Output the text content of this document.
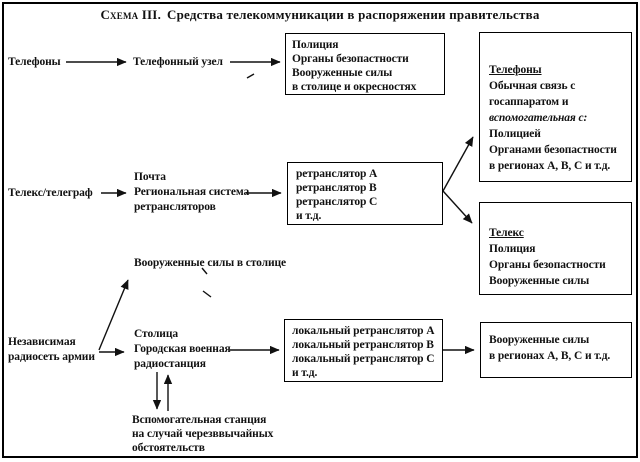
Схема III. Средства телекоммуникации в распоряжении правительства
Телефоны	Телефонный узел
Телекс/телеграф
Почта
Региональная система
ретрансляторов
Вооруженные силы в столице
Независимая
радиосеть армии
Столица
Городская военная
радиостанция
Вспомогательная станция
на случай черезввычайных
обстоятельств
Полиция
Органы безопастности
Вооруженные силы
в столице и окресностях
ретранслятор А
ретранслятор В
ретранслятор С
и т.д.
Телефоны
Обычная связь с
госаппаратом и
вспомогательная с:
Полицией
Органами безопастности
в регионах А, В, С и т.д.
Телекс
Полиция
Органы безопастности
Вооруженные силы
локальный ретранслятор А
локальный ретранслятор В
локальный ретранслятор С
и т.д.
Вооруженные силы
в регионах А, В, С и т.д.
